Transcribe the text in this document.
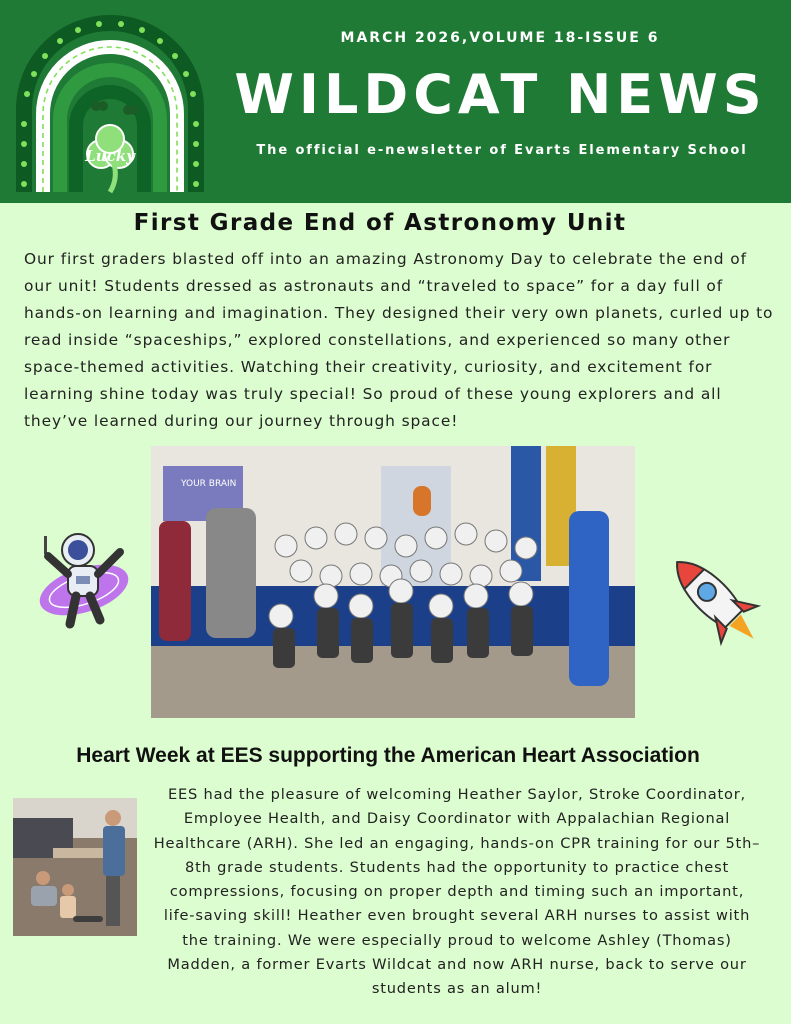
Lucky
MARCH 2026,VOLUME 18-ISSUE 6
WILDCAT NEWS
The official e-newsletter of Evarts Elementary School
First Grade End of Astronomy Unit

Our first graders blasted off into an amazing Astronomy Day to celebrate the end of our unit! Students dressed as astronauts and “traveled to space” for a day full of hands-on learning and imagination. They designed their very own planets, curled up to read inside “spaceships,” explored constellations, and experienced so many other space-themed activities. Watching their creativity, curiosity, and excitement for learning shine today was truly special! So proud of these young explorers and all they’ve learned during our journey through space!

YOUR BRAIN
Heart Week at EES supporting the American Heart Association

EES had the pleasure of welcoming Heather Saylor, Stroke Coordinator, Employee Health, and Daisy Coordinator with Appalachian Regional Healthcare (ARH). She led an engaging, hands-on CPR training for our 5th–8th grade students. Students had the opportunity to practice chest compressions, focusing on proper depth and timing such an important, life-saving skill! Heather even brought several ARH nurses to assist with the training. We were especially proud to welcome Ashley (Thomas) Madden, a former Evarts Wildcat and now ARH nurse, back to serve our students as an alum!
